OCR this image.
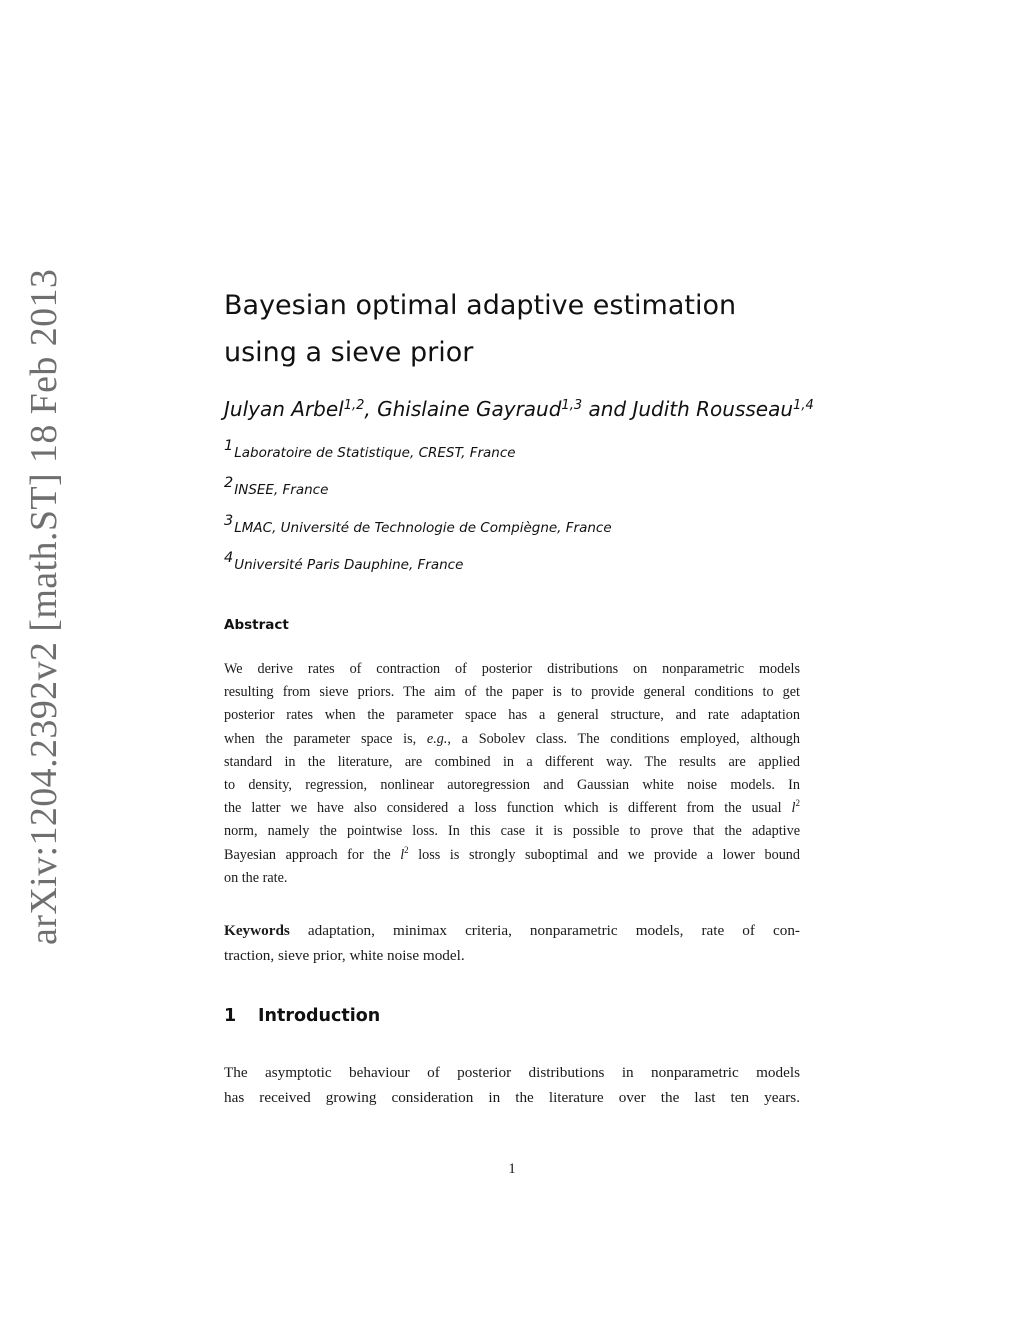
arXiv:1204.2392v2 [math.ST] 18 Feb 2013	Bayesian optimal adaptive estimation
using a sieve prior
Julyan Arbel$^{1,2}$, Ghislaine Gayraud$^{1,3}$ and Judith Rousseau$^{1,4}$
1Laboratoire de Statistique, CREST, France
2INSEE, France
3LMAC, Université de Technologie de Compiègne, France
4Université Paris Dauphine, France
Abstract
We derive rates of contraction of posterior distributions on nonparametric models
resulting from sieve priors. The aim of the paper is to provide general conditions to get
posterior rates when the parameter space has a general structure, and rate adaptation
when the parameter space is, e.g., a Sobolev class. The conditions employed, although
standard in the literature, are combined in a different way. The results are applied
to density, regression, nonlinear autoregression and Gaussian white noise models. In
the latter we have also considered a loss function which is different from the usual $l^2$
norm, namely the pointwise loss. In this case it is possible to prove that the adaptive
Bayesian approach for the $l^2$ loss is strongly suboptimal and we provide a lower bound
on the rate.
Keywords adaptation, minimax criteria, nonparametric models, rate of con-
traction, sieve prior, white noise model.
1 Introduction
The asymptotic behaviour of posterior distributions in nonparametric models
has received growing consideration in the literature over the last ten years.
1
